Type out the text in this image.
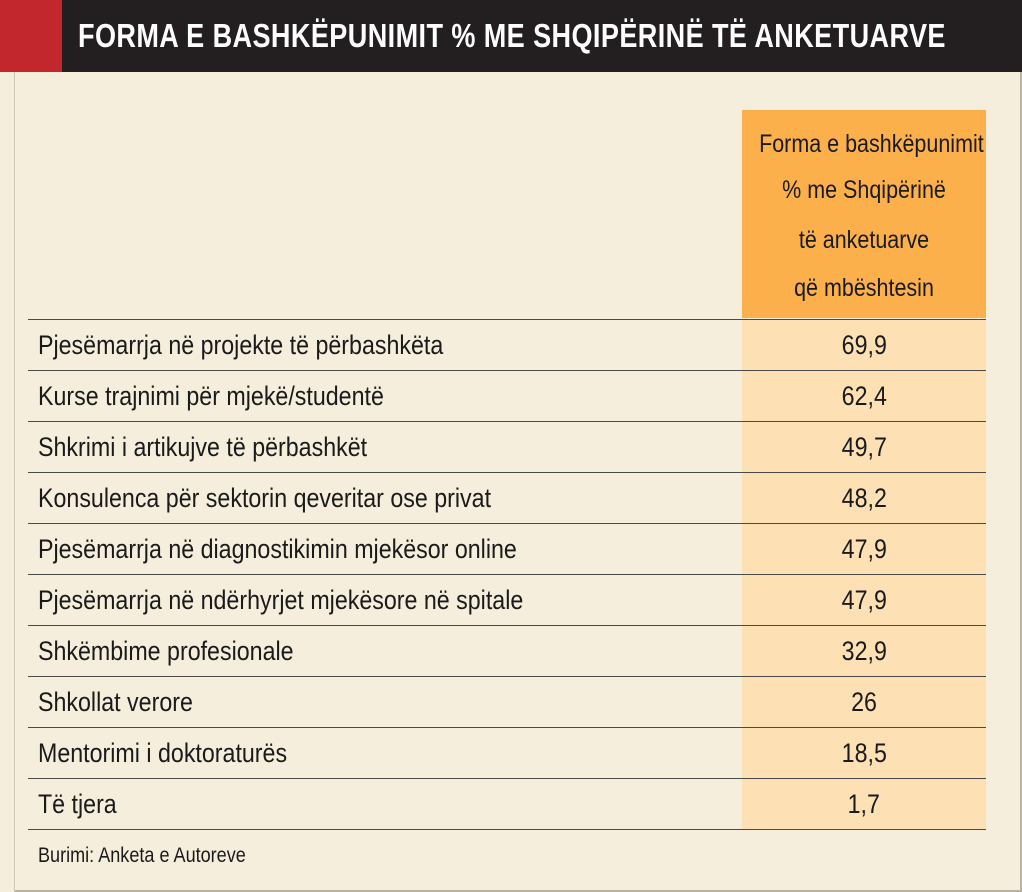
FORMA E BASHKËPUNIMIT % ME SHQIPËRINË TË ANKETUARVE
Forma e bashkëpunimit
% me Shqipërinë
të anketuarve
që mbështesin
Pjesëmarrja në projekte të përbashkëta	69,9
Kurse trajnimi për mjekë/studentë	62,4
Shkrimi i artikujve të përbashkët	49,7
Konsulenca për sektorin qeveritar ose privat	48,2
Pjesëmarrja në diagnostikimin mjekësor online	47,9
Pjesëmarrja në ndërhyrjet mjekësore në spitale	47,9
Shkëmbime profesionale	32,9
Shkollat verore	26
Mentorimi i doktoraturës	18,5
Të tjera	1,7
Burimi: Anketa e Autoreve
